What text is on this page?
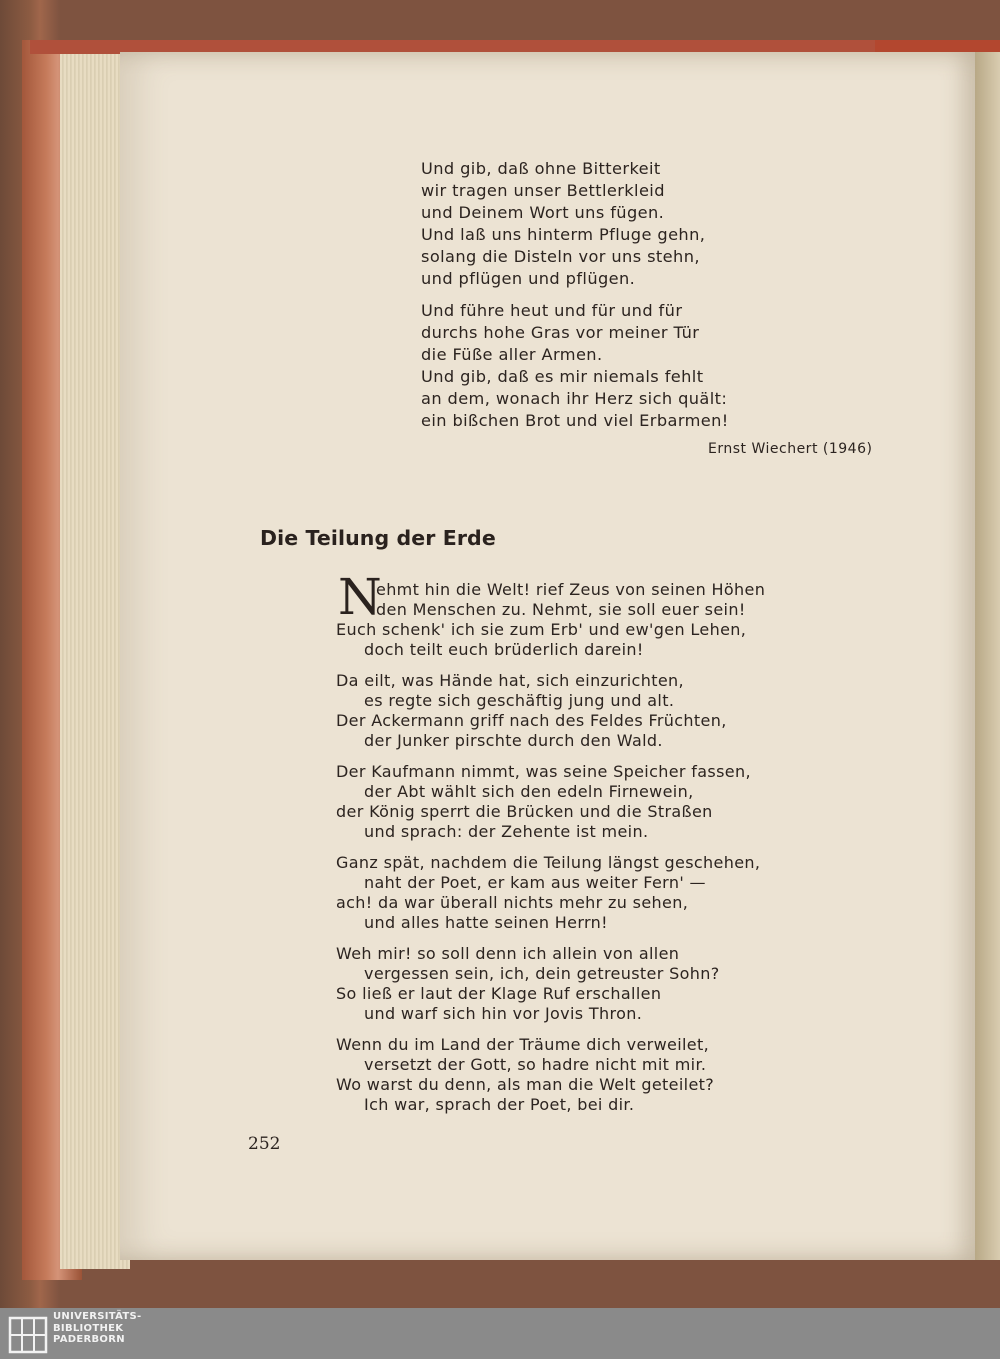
Und gib, daß ohne Bitterkeit
wir tragen unser Bettlerkleid
und Deinem Wort uns fügen.
Und laß uns hinterm Pfluge gehn,
solang die Disteln vor uns stehn,
und pflügen und pflügen.
Und führe heut und für und für
durchs hohe Gras vor meiner Tür
die Füße aller Armen.
Und gib, daß es mir niemals fehlt
an dem, wonach ihr Herz sich quält:
ein bißchen Brot und viel Erbarmen!
Ernst Wiechert (1946)
Die Teilung der Erde
N
ehmt hin die Welt! rief Zeus von seinen Höhen
den Menschen zu. Nehmt, sie soll euer sein!
Euch schenk' ich sie zum Erb' und ew'gen Lehen,
doch teilt euch brüderlich darein!
Da eilt, was Hände hat, sich einzurichten,
es regte sich geschäftig jung und alt.
Der Ackermann griff nach des Feldes Früchten,
der Junker pirschte durch den Wald.
Der Kaufmann nimmt, was seine Speicher fassen,
der Abt wählt sich den edeln Firnewein,
der König sperrt die Brücken und die Straßen
und sprach: der Zehente ist mein.
Ganz spät, nachdem die Teilung längst geschehen,
naht der Poet, er kam aus weiter Fern' —
ach! da war überall nichts mehr zu sehen,
und alles hatte seinen Herrn!
Weh mir! so soll denn ich allein von allen
vergessen sein, ich, dein getreuster Sohn?
So ließ er laut der Klage Ruf erschallen
und warf sich hin vor Jovis Thron.
Wenn du im Land der Träume dich verweilet,
versetzt der Gott, so hadre nicht mit mir.
Wo warst du denn, als man die Welt geteilet?
Ich war, sprach der Poet, bei dir.
252
UNIVERSITÄTS-
BIBLIOTHEK
PADERBORN
